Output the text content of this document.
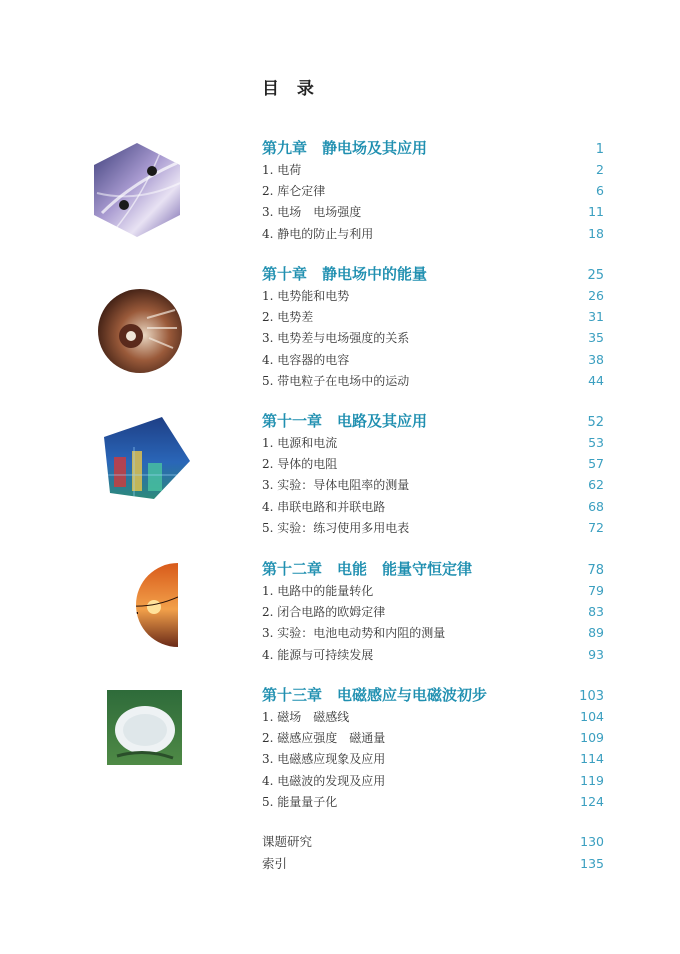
目 录
第九章　静电场及其应用	1
1. 电荷	2
2. 库仑定律	6
3. 电场　电场强度	11
4. 静电的防止与利用	18
第十章　静电场中的能量	25
1. 电势能和电势	26
2. 电势差	31
3. 电势差与电场强度的关系	35
4. 电容器的电容	38
5. 带电粒子在电场中的运动	44
第十一章　电路及其应用	52
1. 电源和电流	53
2. 导体的电阻	57
3. 实验：导体电阻率的测量	62
4. 串联电路和并联电路	68
5. 实验：练习使用多用电表	72
第十二章　电能　能量守恒定律	78
1. 电路中的能量转化	79
2. 闭合电路的欧姆定律	83
3. 实验：电池电动势和内阻的测量	89
4. 能源与可持续发展	93
第十三章　电磁感应与电磁波初步	103
1. 磁场　磁感线	104
2. 磁感应强度　磁通量	109
3. 电磁感应现象及应用	114
4. 电磁波的发现及应用	119
5. 能量量子化	124
课题研究	130
索引	135
